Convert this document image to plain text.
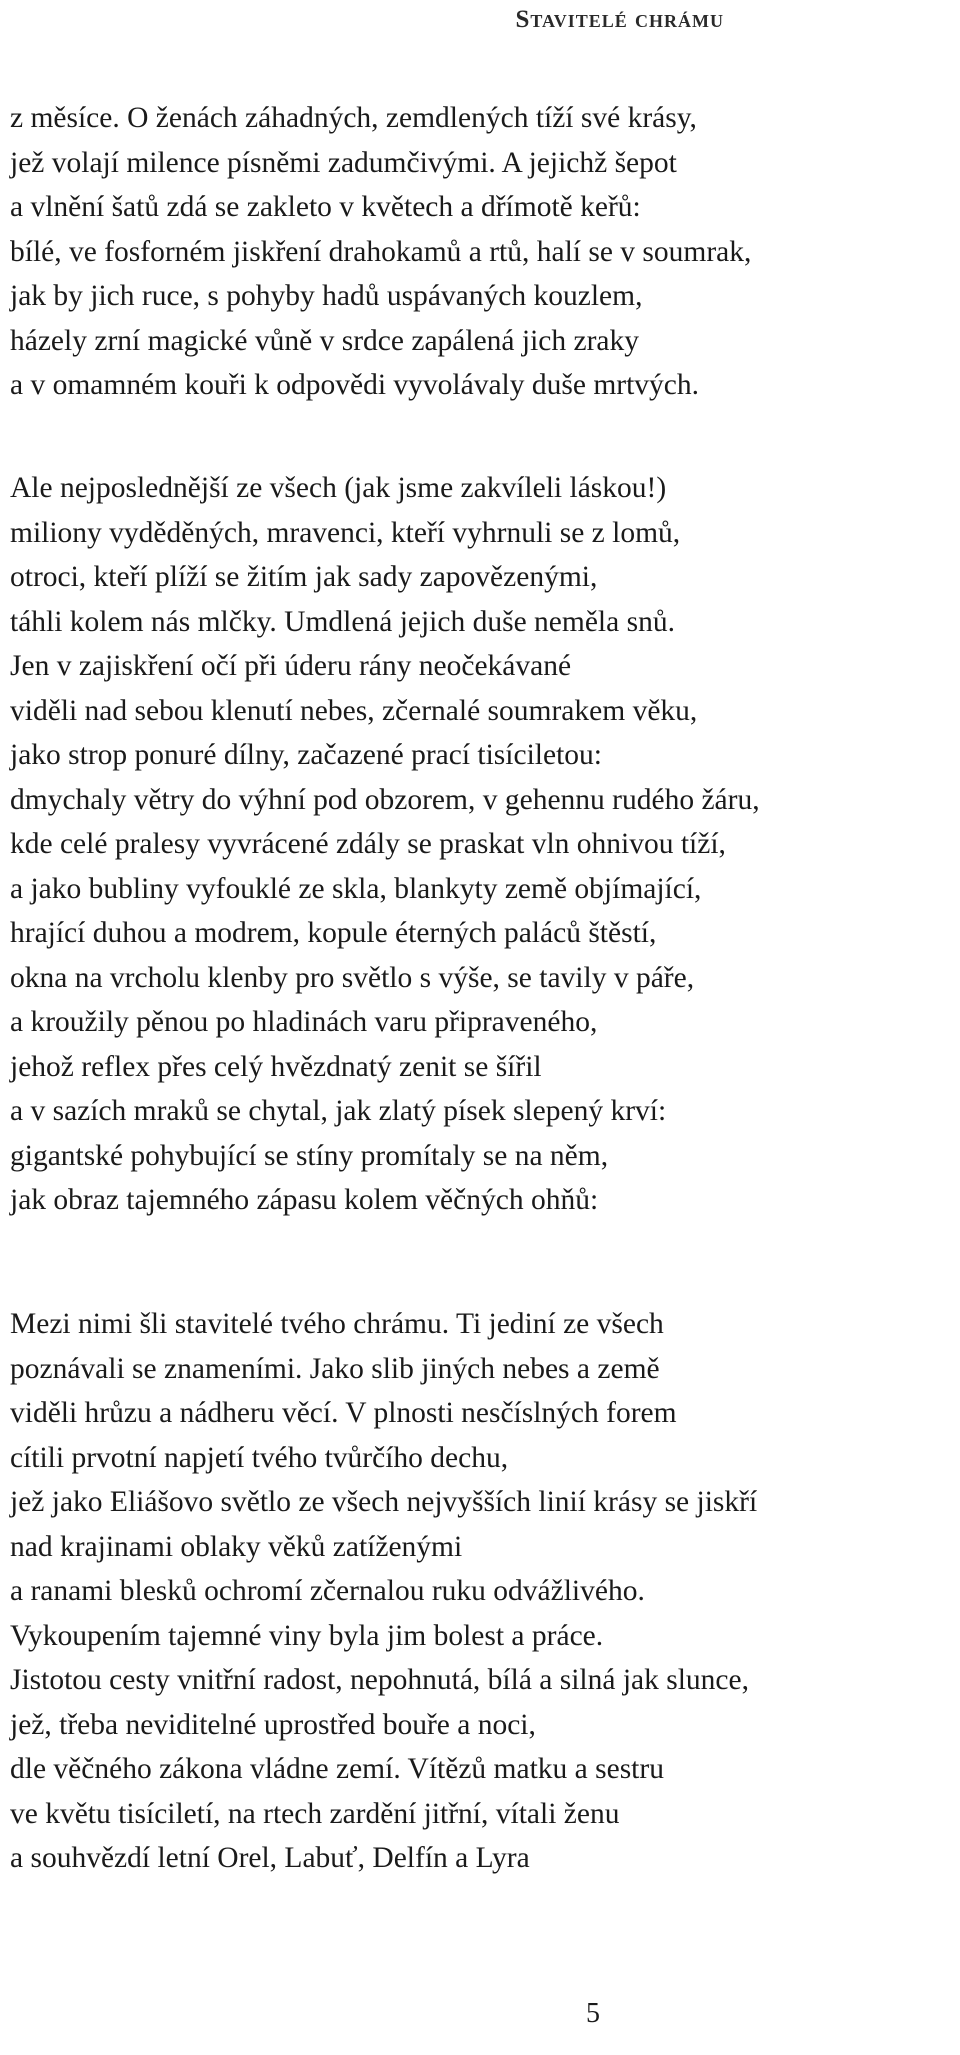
Stavitelé chrámu
z měsíce. O ženách záhadných, zemdlených tíží své krásy,
jež volají milence písněmi zadumčivými. A jejichž šepot
a vlnění šatů zdá se zakleto v květech a dřímotě keřů:
bílé, ve fosforném jiskření drahokamů a rtů, halí se v soumrak,
jak by jich ruce, s pohyby hadů uspávaných kouzlem,
házely zrní magické vůně v srdce zapálená jich zraky
a v omamném kouři k odpovědi vyvolávaly duše mrtvých.
Ale nejposlednější ze všech (jak jsme zakvíleli láskou!)
miliony vyděděných, mravenci, kteří vyhrnuli se z lomů,
otroci, kteří plíží se žitím jak sady zapovězenými,
táhli kolem nás mlčky. Umdlená jejich duše neměla snů.
Jen v zajiskření očí při úderu rány neočekávané
viděli nad sebou klenutí nebes, zčernalé soumrakem věku,
jako strop ponuré dílny, začazené prací tisíciletou:
dmychaly větry do výhní pod obzorem, v gehennu rudého žáru,
kde celé pralesy vyvrácené zdály se praskat vln ohnivou tíží,
a jako bubliny vyfouklé ze skla, blankyty země objímající,
hrající duhou a modrem, kopule éterných paláců štěstí,
okna na vrcholu klenby pro světlo s výše, se tavily v páře,
a kroužily pěnou po hladinách varu připraveného,
jehož reflex přes celý hvězdnatý zenit se šířil
a v sazích mraků se chytal, jak zlatý písek slepený krví:
gigantské pohybující se stíny promítaly se na něm,
jak obraz tajemného zápasu kolem věčných ohňů:
Mezi nimi šli stavitelé tvého chrámu. Ti jediní ze všech
poznávali se znameními. Jako slib jiných nebes a země
viděli hrůzu a nádheru věcí. V plnosti nesčíslných forem
cítili prvotní napjetí tvého tvůrčího dechu,
jež jako Eliášovo světlo ze všech nejvyšších linií krásy se jiskří
nad krajinami oblaky věků zatíženými
a ranami blesků ochromí zčernalou ruku odvážlivého.
Vykoupením tajemné viny byla jim bolest a práce.
Jistotou cesty vnitřní radost, nepohnutá, bílá a silná jak slunce,
jež, třeba neviditelné uprostřed bouře a noci,
dle věčného zákona vládne zemí. Vítězů matku a sestru
ve květu tisíciletí, na rtech zardění jitřní, vítali ženu
a souhvězdí letní Orel, Labuť, Delfín a Lyra
5
